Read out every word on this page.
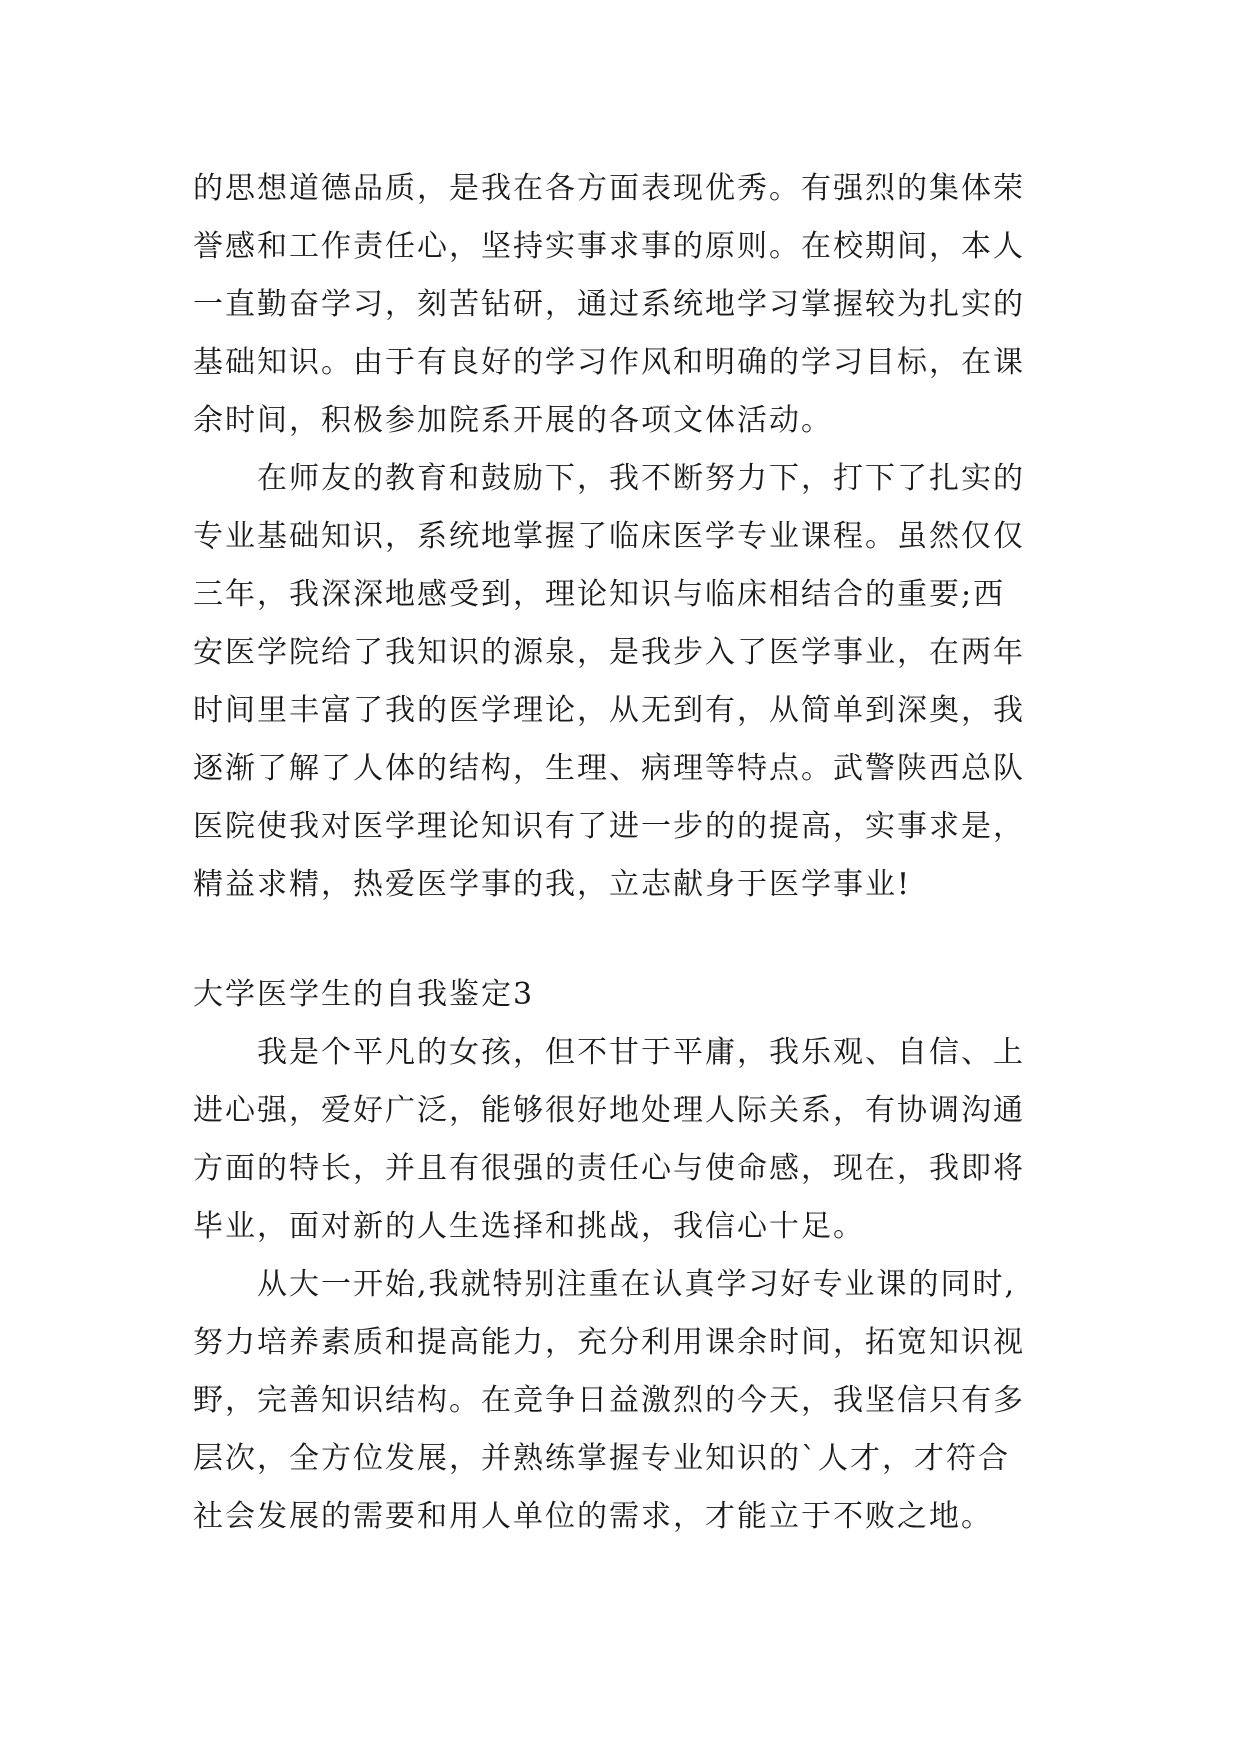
的思想道德品质，是我在各方面表现优秀。有强烈的集体荣
誉感和工作责任心，坚持实事求事的原则。在校期间，本人
一直勤奋学习，刻苦钻研，通过系统地学习掌握较为扎实的
基础知识。由于有良好的学习作风和明确的学习目标，在课
余时间，积极参加院系开展的各项文体活动。
在师友的教育和鼓励下，我不断努力下，打下了扎实的
专业基础知识，系统地掌握了临床医学专业课程。虽然仅仅
三年，我深深地感受到，理论知识与临床相结合的重要;西
安医学院给了我知识的源泉，是我步入了医学事业，在两年
时间里丰富了我的医学理论，从无到有，从简单到深奥，我
逐渐了解了人体的结构，生理、病理等特点。武警陕西总队
医院使我对医学理论知识有了进一步的的提高，实事求是，
精益求精，热爱医学事的我，立志献身于医学事业!
大学医学生的自我鉴定3
我是个平凡的女孩，但不甘于平庸，我乐观、自信、上
进心强，爱好广泛，能够很好地处理人际关系，有协调沟通
方面的特长，并且有很强的责任心与使命感，现在，我即将
毕业，面对新的人生选择和挑战，我信心十足。
从大一开始,我就特别注重在认真学习好专业课的同时,
努力培养素质和提高能力，充分利用课余时间，拓宽知识视
野，完善知识结构。在竞争日益激烈的今天，我坚信只有多
层次，全方位发展，并熟练掌握专业知识的`人才，才符合
社会发展的需要和用人单位的需求，才能立于不败之地。
